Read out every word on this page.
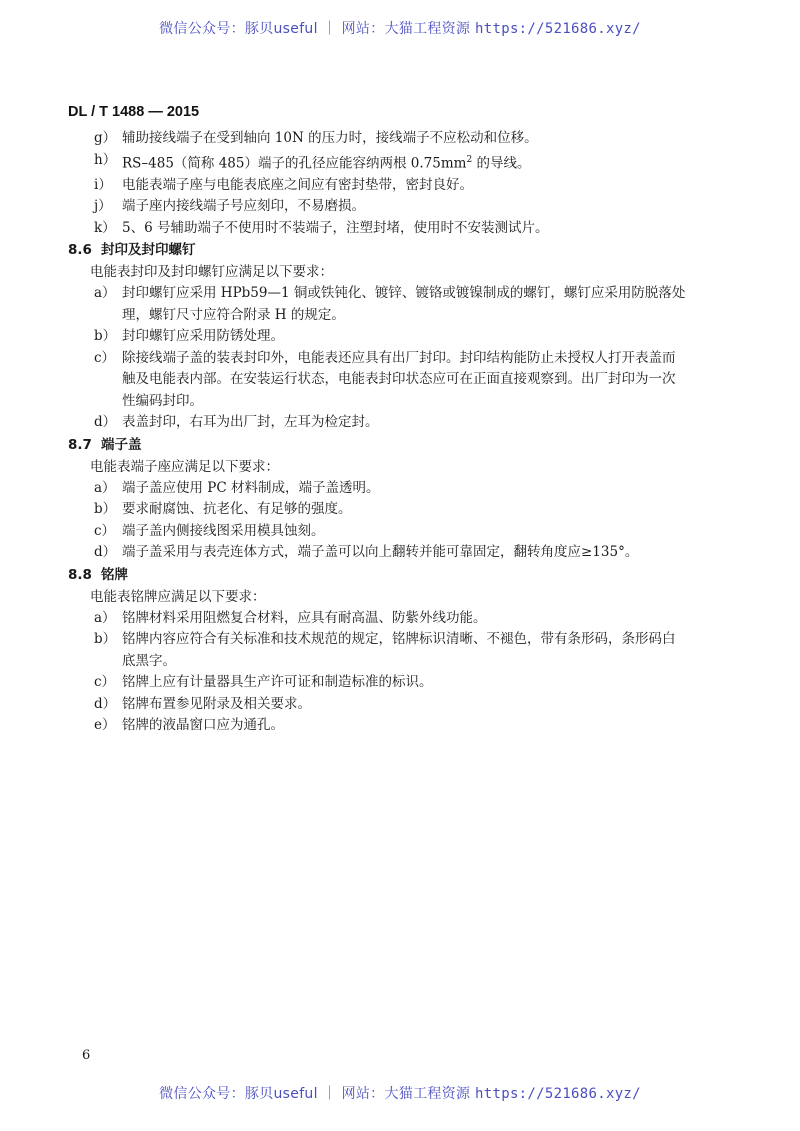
微信公众号：豚贝useful ｜ 网站：大猫工程资源 https://521686.xyz/
DL / T 1488 — 2015
g） 辅助接线端子在受到轴向 10N 的压力时，接线端子不应松动和位移。
h） RS–485（简称 485）端子的孔径应能容纳两根 $0.75mm^2$ 的导线。
i） 电能表端子座与电能表底座之间应有密封垫带，密封良好。
j） 端子座内接线端子号应刻印，不易磨损。
k） 5、6 号辅助端子不使用时不装端子，注塑封堵，使用时不安装测试片。
8.6 封印及封印螺钉
电能表封印及封印螺钉应满足以下要求：
a） 封印螺钉应采用 HPb59—1 铜或铁钝化、镀锌、镀铬或镀镍制成的螺钉，螺钉应采用防脱落处
理，螺钉尺寸应符合附录 H 的规定。
b） 封印螺钉应采用防锈处理。
c） 除接线端子盖的装表封印外，电能表还应具有出厂封印。封印结构能防止未授权人打开表盖而
触及电能表内部。在安装运行状态，电能表封印状态应可在正面直接观察到。出厂封印为一次
性编码封印。
d） 表盖封印，右耳为出厂封，左耳为检定封。
8.7 端子盖
电能表端子座应满足以下要求：
a） 端子盖应使用 PC 材料制成，端子盖透明。
b） 要求耐腐蚀、抗老化、有足够的强度。
c） 端子盖内侧接线图采用模具蚀刻。
d） 端子盖采用与表壳连体方式，端子盖可以向上翻转并能可靠固定，翻转角度应≥135°。
8.8 铭牌
电能表铭牌应满足以下要求：
a） 铭牌材料采用阻燃复合材料，应具有耐高温、防紫外线功能。
b） 铭牌内容应符合有关标准和技术规范的规定，铭牌标识清晰、不褪色，带有条形码，条形码白
底黑字。
c） 铭牌上应有计量器具生产许可证和制造标准的标识。
d） 铭牌布置参见附录及相关要求。
e） 铭牌的液晶窗口应为通孔。
6
微信公众号：豚贝useful ｜ 网站：大猫工程资源 https://521686.xyz/
